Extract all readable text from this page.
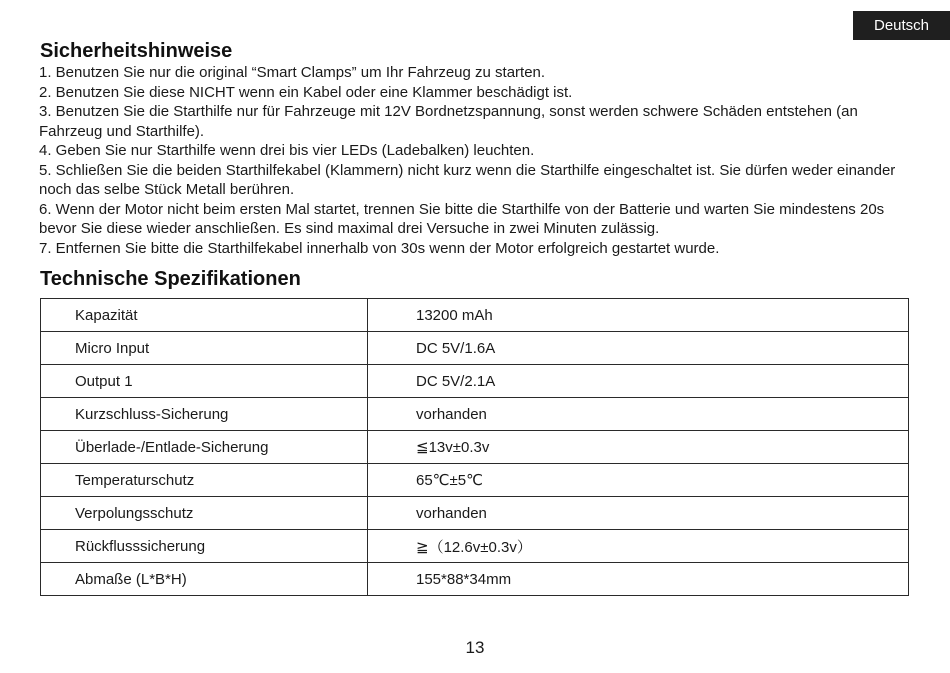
Deutsch
Sicherheitshinweise

1. Benutzen Sie nur die original “Smart Clamps” um Ihr Fahrzeug zu starten.

2. Benutzen Sie diese NICHT wenn ein Kabel oder eine Klammer beschädigt ist.

3. Benutzen Sie die Starthilfe nur für Fahrzeuge mit 12V Bordnetzspannung, sonst werden schwere Schäden entstehen (an Fahrzeug und Starthilfe).

4. Geben Sie nur Starthilfe wenn drei bis vier LEDs (Ladebalken) leuchten.

5. Schließen Sie die beiden Starthilfekabel (Klammern) nicht kurz wenn die Starthilfe eingeschaltet ist. Sie dürfen weder einander noch das selbe Stück Metall berühren.

6. Wenn der Motor nicht beim ersten Mal startet, trennen Sie bitte die Starthilfe von der Batterie und warten Sie mindestens 20s bevor Sie diese wieder anschließen. Es sind maximal drei Versuche in zwei Minuten zulässig.

7. Entfernen Sie bitte die Starthilfekabel innerhalb von 30s wenn der Motor erfolgreich gestartet wurde.

Technische Spezifikationen
Kapazität	13200 mAh
Micro Input	DC 5V/1.6A
Output 1	DC 5V/2.1A
Kurzschluss-Sicherung	vorhanden
Überlade-/Entlade-Sicherung	≦13v±0.3v
Temperaturschutz	65℃±5℃
Verpolungsschutz	vorhanden
Rückflusssicherung	≧（12.6v±0.3v）
Abmaße (L*B*H)	155*88*34mm
13
